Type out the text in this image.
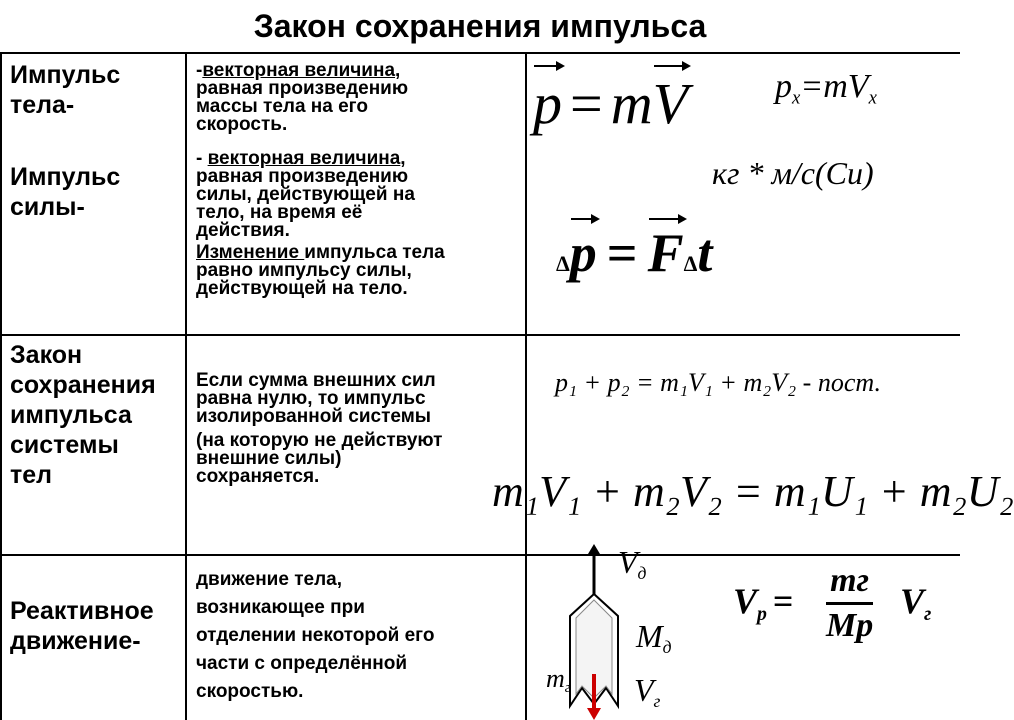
Закон сохранения импульса
Импульс
тела-
-векторная величина,
равная произведению
массы тела на его
скорость.
Импульс
силы-
- векторная величина,
равная произведению
силы, действующей на
тело, на время её
действия.
Изменение импульса тела
равно импульсу силы,
действующей на тело.
Закон
сохранения
импульса
системы
тел
Если сумма внешних сил
равна нулю, то импульс
изолированной системы
(на которую не действуют
внешние силы)
сохраняется.
Реактивное
движение-
движение тела,
возникающее при
отделении некоторой его
части с определённой
скоростью.
p = mV	$p_x=mV_x$
кг * м/с(Си)
Δp = FΔt
p₁ + p₂ = m₁V₁ + m₂V₂ - пост.
m₁V₁ + m₂V₂ = m₁U₁ + m₂U₂
$V_р$ =
mг
Mр
$V_г$
$V_д$
$M_д$
$m_г$ $V_г$
